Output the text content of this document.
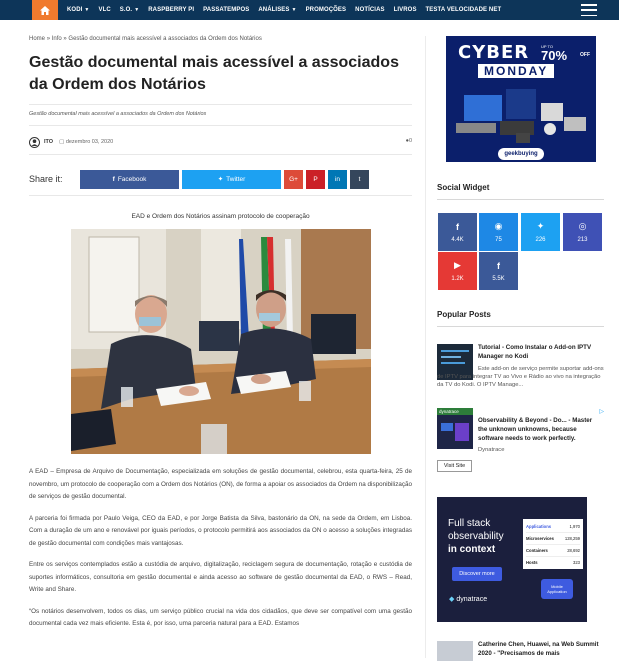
KODI ▼ VLC S.O. ▼ RASPBERRY PI PASSATEMPOS ANÁLISES ▼ PROMOÇÕES NOTÍCIAS LIVROS TESTA VELOCIDADE NET
Home » Info » Gestão documental mais acessível a associados da Ordem dos Notários
Gestão documental mais acessível a associados da Ordem dos Notários
Gestão documental mais acessível a associados da Ordem dos Notários
ITO ▢ dezembro 03, 2020	●0
Share it:	f Facebook	✦ Twitter	G+ P	in	t
EAD e Ordem dos Notários assinam protocolo de cooperação

A EAD – Empresa de Arquivo de Documentação, especializada em soluções de gestão documental, celebrou, esta quarta-feira, 25 de novembro, um protocolo de cooperação com a Ordem dos Notários (ON), de forma a apoiar os associados da Ordem na disponibilização de serviços de gestão documental.

A parceria foi firmada por Paulo Veiga, CEO da EAD, e por Jorge Batista da Silva, bastonário da ON, na sede da Ordem, em Lisboa. Com a duração de um ano e renovável por iguais períodos, o protocolo permitirá aos associados da ON o acesso a soluções integradas de gestão documental com condições mais vantajosas.

Entre os serviços contemplados estão a custódia de arquivo, digitalização, reciclagem segura de documentação, rotação e custódia de suportes informáticos, consultoria em gestão documental e ainda acesso ao software de gestão documental da EAD, o RWS – Read, Write and Share.

“Os notários desenvolvem, todos os dias, um serviço público crucial na vida dos cidadãos, que deve ser compatível com uma gestão documental cada vez mais eficiente. Esta é, por isso, uma parceria natural para a EAD. Estamos

CYBER	UP TO
70%	OFF
MONDAY
geekbuying
Social Widget
f
4.4K
◉
75
✦
226
◎
213
▶
1.2K
f
5.5K
Popular Posts
Tutorial - Como Instalar o Add-on IPTV Manager no Kodi
Este add-on de serviço permite suportar add-ons de IPTV para integrar TV ao Vivo e Rádio ao vivo na integração da TV do Kodi. O IPTV Manage...
dynatrace	▷
Observability & Beyond - Do... - Master the unknown unknowns, because software needs to work perfectly.
Dynatrace
Visit Site
Full stack
observability
in context
Discover more
◆ dynatrace
Applications	1,970
Microservices	128,259
Containers	28,692
Hosts	323
Mobile Application
Catherine Chen, Huawei, na Web Summit 2020 - "Precisamos de mais
